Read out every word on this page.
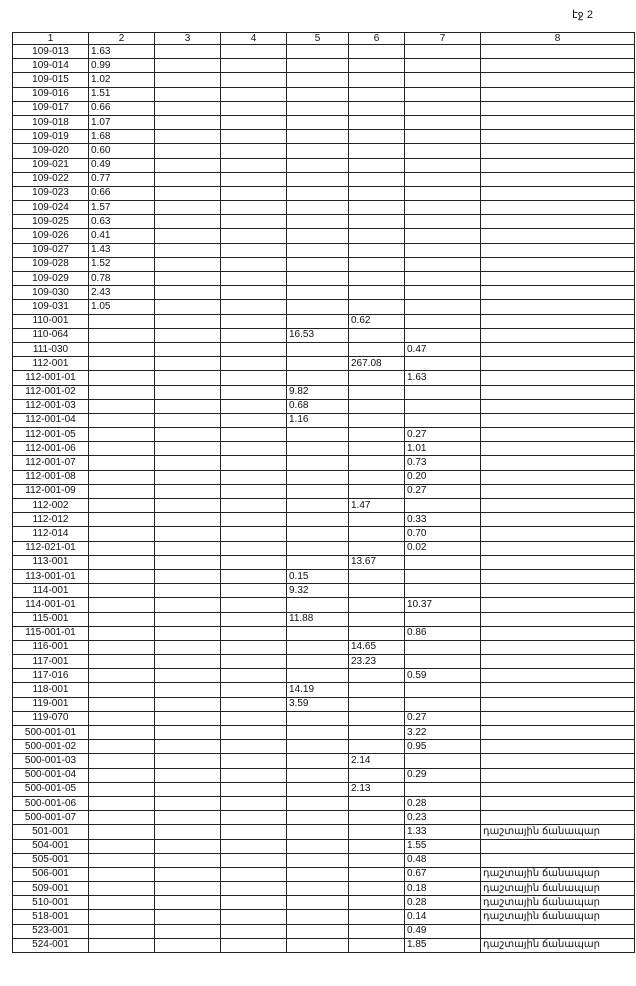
էջ 2
1	2	3	4	5	6	7	8
109-013	1.63						
109-014	0.99						
109-015	1.02						
109-016	1.51						
109-017	0.66						
109-018	1.07						
109-019	1.68						
109-020	0.60						
109-021	0.49						
109-022	0.77						
109-023	0.66						
109-024	1.57						
109-025	0.63						
109-026	0.41						
109-027	1.43						
109-028	1.52						
109-029	0.78						
109-030	2.43						
109-031	1.05						
110-001					0.62		
110-064				16.53			
111-030						0.47	
112-001					267.08		
112-001-01						1.63	
112-001-02				9.82			
112-001-03				0.68			
112-001-04				1.16			
112-001-05						0.27	
112-001-06						1.01	
112-001-07						0.73	
112-001-08						0.20	
112-001-09						0.27	
112-002					1.47		
112-012						0.33	
112-014						0.70	
112-021-01						0.02	
113-001					13.67		
113-001-01				0.15			
114-001				9.32			
114-001-01						10.37	
115-001				11.88			
115-001-01						0.86	
116-001					14.65		
117-001					23.23		
117-016						0.59	
118-001				14.19			
119-001				3.59			
119-070						0.27	
500-001-01						3.22	
500-001-02						0.95	
500-001-03					2.14		
500-001-04						0.29	
500-001-05					2.13		
500-001-06						0.28	
500-001-07						0.23	
501-001						1.33	դաշտային ճանապար
504-001						1.55	
505-001						0.48	
506-001						0.67	դաշտային ճանապար
509-001						0.18	դաշտային ճանապար
510-001						0.28	դաշտային ճանապար
518-001						0.14	դաշտային ճանապար
523-001						0.49	
524-001						1.85	դաշտային ճանապար
